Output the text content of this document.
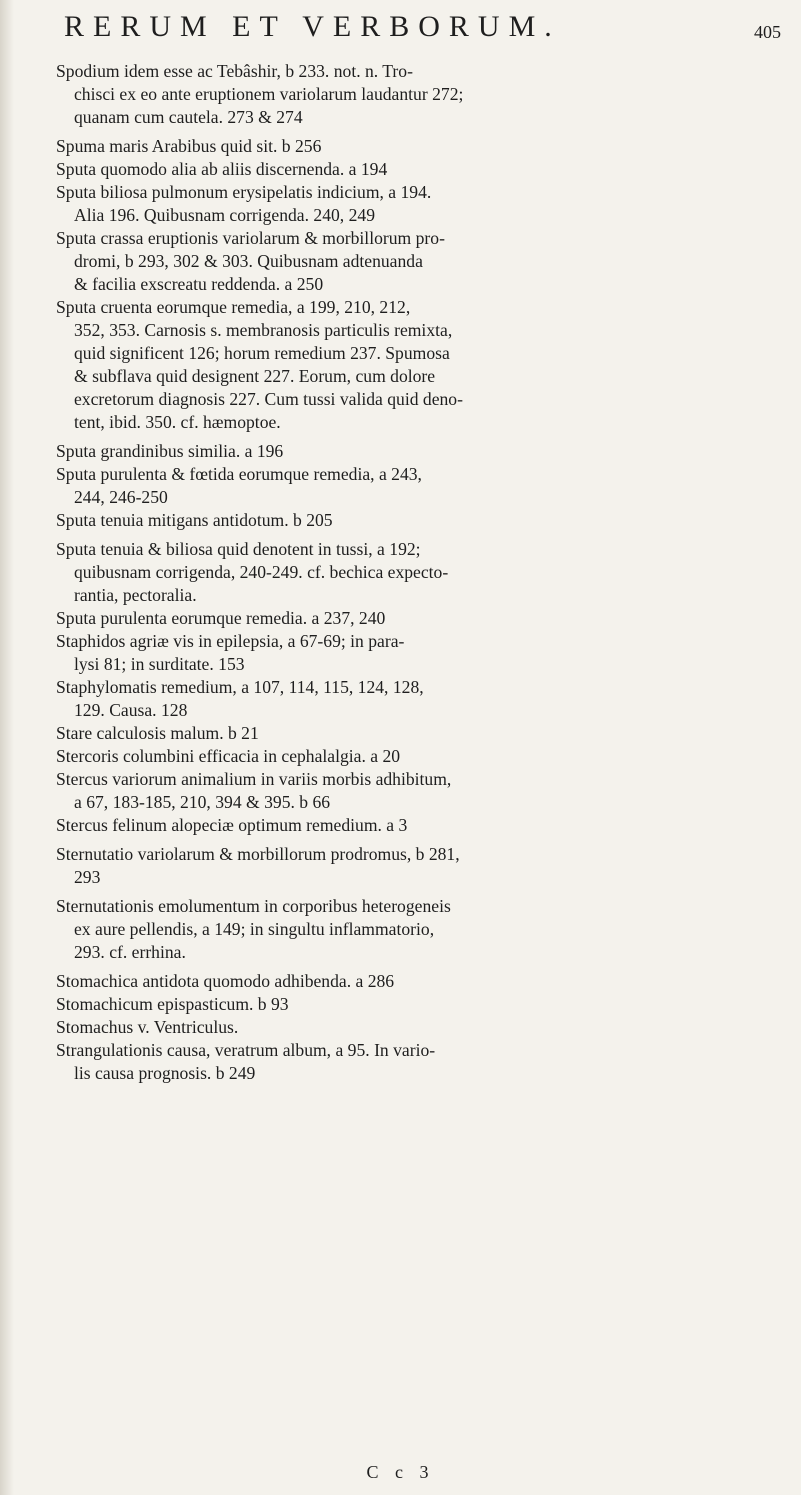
RERUM ET VERBORUM.	405
Spodium idem esse ac Tebâshir, b 233. not. n. Tro-
chisci ex eo ante eruptionem variolarum laudantur 272;
quanam cum cautela. 273 & 274
Spuma maris Arabibus quid sit. b 256
Sputa quomodo alia ab aliis discernenda. a 194
Sputa biliosa pulmonum erysipelatis indicium, a 194.
Alia 196. Quibusnam corrigenda. 240, 249
Sputa crassa eruptionis variolarum & morbillorum pro-
dromi, b 293, 302 & 303. Quibusnam adtenuanda
& facilia exscreatu reddenda. a 250
Sputa cruenta eorumque remedia, a 199, 210, 212,
352, 353. Carnosis s. membranosis particulis remixta,
quid significent 126; horum remedium 237. Spumosa
& subflava quid designent 227. Eorum, cum dolore
excretorum diagnosis 227. Cum tussi valida quid deno-
tent, ibid. 350. cf. hæmoptoe.
Sputa grandinibus similia. a 196
Sputa purulenta & fœtida eorumque remedia, a 243,
244, 246-250
Sputa tenuia mitigans antidotum. b 205
Sputa tenuia & biliosa quid denotent in tussi, a 192;
quibusnam corrigenda, 240-249. cf. bechica expecto-
rantia, pectoralia.
Sputa purulenta eorumque remedia. a 237, 240
Staphidos agriæ vis in epilepsia, a 67-69; in para-
lysi 81; in surditate. 153
Staphylomatis remedium, a 107, 114, 115, 124, 128,
129. Causa. 128
Stare calculosis malum. b 21
Stercoris columbini efficacia in cephalalgia. a 20
Stercus variorum animalium in variis morbis adhibitum,
a 67, 183-185, 210, 394 & 395. b 66
Stercus felinum alopeciæ optimum remedium. a 3
Sternutatio variolarum & morbillorum prodromus, b 281,
293
Sternutationis emolumentum in corporibus heterogeneis
ex aure pellendis, a 149; in singultu inflammatorio,
293. cf. errhina.
Stomachica antidota quomodo adhibenda. a 286
Stomachicum epispasticum. b 93
Stomachus v. Ventriculus.
Strangulationis causa, veratrum album, a 95. In vario-
lis causa prognosis. b 249
C c 3
